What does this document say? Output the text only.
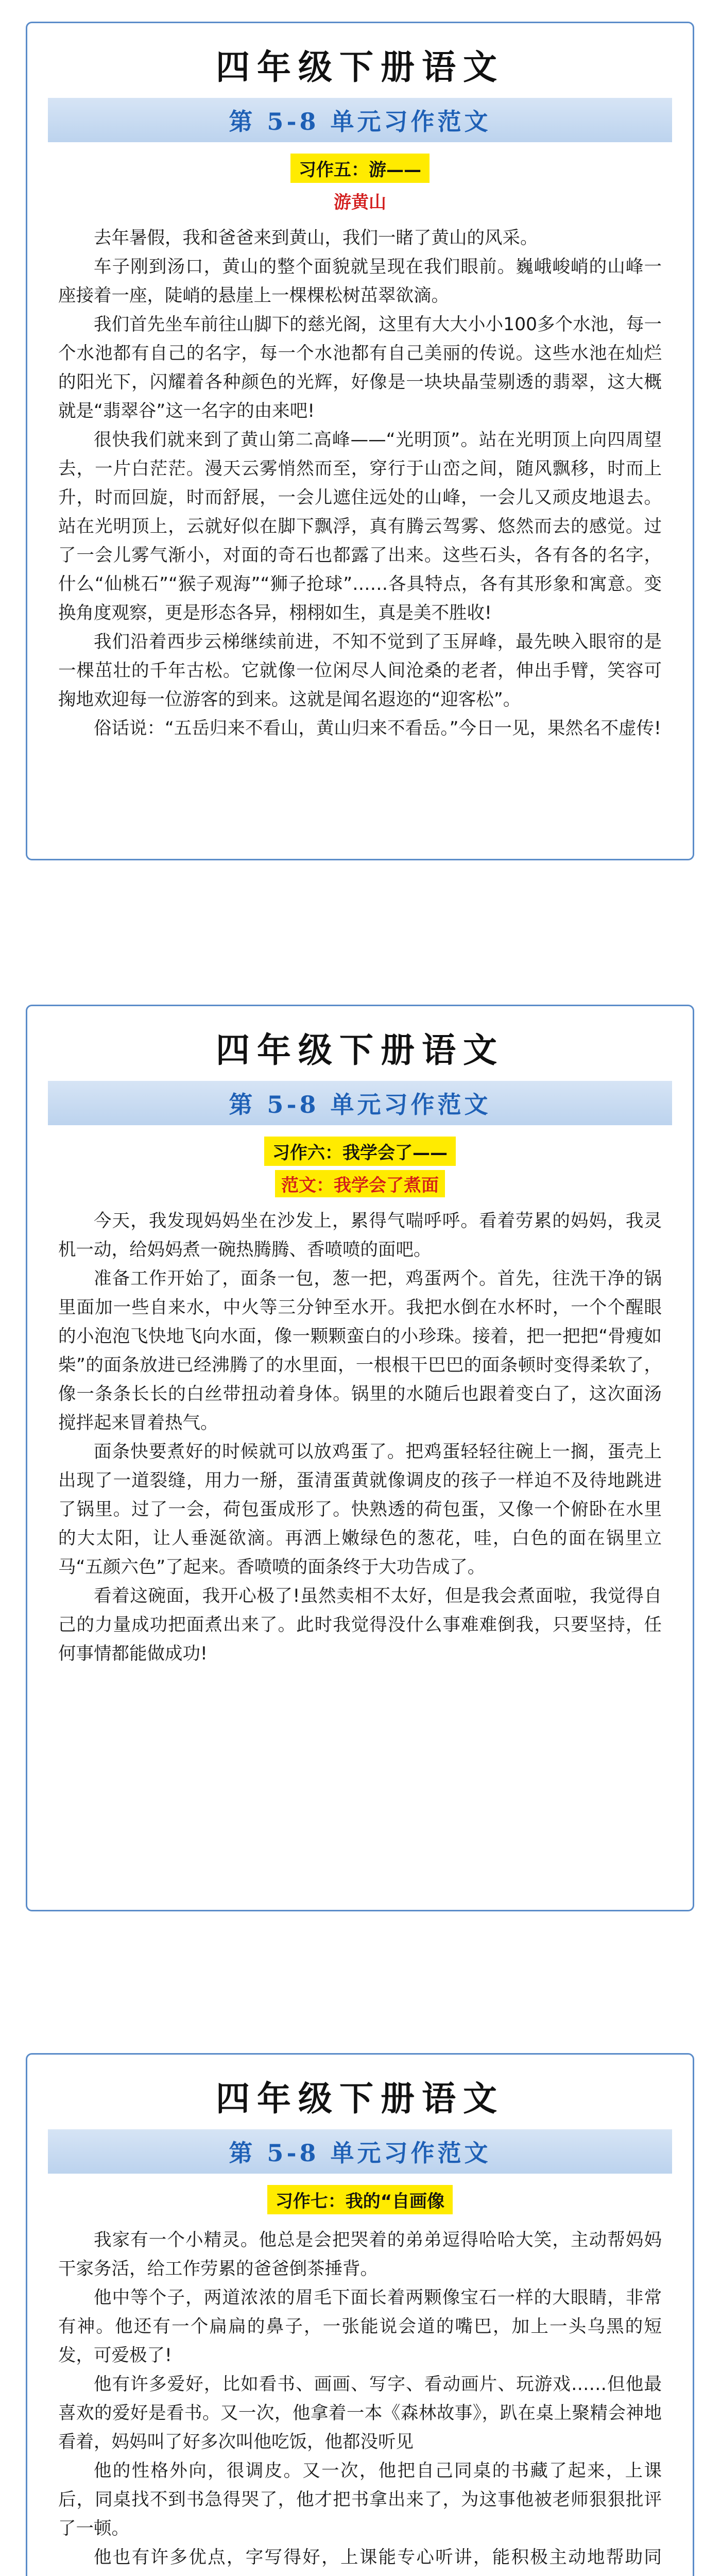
四年级下册语文
第 5-8 单元习作范文
习作五：游——
游黄山

去年暑假，我和爸爸来到黄山，我们一睹了黄山的风采。

车子刚到汤口，黄山的整个面貌就呈现在我们眼前。巍峨峻峭的山峰一座接着一座，陡峭的悬崖上一棵棵松树茁翠欲滴。

我们首先坐车前往山脚下的慈光阁，这里有大大小小100多个水池，每一个水池都有自己的名字，每一个水池都有自己美丽的传说。这些水池在灿烂的阳光下，闪耀着各种颜色的光辉，好像是一块块晶莹剔透的翡翠，这大概就是“翡翠谷”这一名字的由来吧!

很快我们就来到了黄山第二高峰——“光明顶”。站在光明顶上向四周望去，一片白茫茫。漫天云雾悄然而至，穿行于山峦之间，随风飘移，时而上升，时而回旋，时而舒展，一会儿遮住远处的山峰，一会儿又顽皮地退去。站在光明顶上，云就好似在脚下飘浮，真有腾云驾雾、悠然而去的感觉。过了一会儿雾气渐小，对面的奇石也都露了出来。这些石头，各有各的名字，什么“仙桃石”“猴子观海”“狮子抢球”……各具特点，各有其形象和寓意。变换角度观察，更是形态各异，栩栩如生，真是美不胜收!

我们沿着西步云梯继续前进，不知不觉到了玉屏峰，最先映入眼帘的是一棵茁壮的千年古松。它就像一位闲尽人间沧桑的老者，伸出手臂，笑容可掬地欢迎每一位游客的到来。这就是闻名遐迩的“迎客松”。

俗话说：“五岳归来不看山，黄山归来不看岳。”今日一见，果然名不虚传!

四年级下册语文
第 5-8 单元习作范文
习作六：我学会了——
范文：我学会了煮面

今天，我发现妈妈坐在沙发上，累得气喘呼呼。看着劳累的妈妈，我灵机一动，给妈妈煮一碗热腾腾、香喷喷的面吧。

准备工作开始了，面条一包，葱一把，鸡蛋两个。首先，往洗干净的锅里面加一些自来水，中火等三分钟至水开。我把水倒在水杯时，一个个醒眼的小泡泡飞快地飞向水面，像一颗颗蛮白的小珍珠。接着，把一把把“骨瘦如柴”的面条放进已经沸腾了的水里面，一根根干巴巴的面条顿时变得柔软了，像一条条长长的白丝带扭动着身体。锅里的水随后也跟着变白了，这次面汤搅拌起来冒着热气。

面条快要煮好的时候就可以放鸡蛋了。把鸡蛋轻轻往碗上一搁，蛋壳上出现了一道裂缝，用力一掰，蛋清蛋黄就像调皮的孩子一样迫不及待地跳进了锅里。过了一会，荷包蛋成形了。快熟透的荷包蛋，又像一个俯卧在水里的大太阳，让人垂涎欲滴。再洒上嫩绿色的葱花，哇，白色的面在锅里立马“五颜六色”了起来。香喷喷的面条终于大功告成了。

看着这碗面，我开心极了!虽然卖相不太好，但是我会煮面啦，我觉得自己的力量成功把面煮出来了。此时我觉得没什么事难难倒我，只要坚持，任何事情都能做成功!

四年级下册语文
第 5-8 单元习作范文
习作七：我的“自画像

我家有一个小精灵。他总是会把哭着的弟弟逗得哈哈大笑，主动帮妈妈干家务活，给工作劳累的爸爸倒茶捶背。

他中等个子，两道浓浓的眉毛下面长着两颗像宝石一样的大眼睛，非常有神。他还有一个扁扁的鼻子，一张能说会道的嘴巴，加上一头乌黑的短发，可爱极了!

他有许多爱好，比如看书、画画、写字、看动画片、玩游戏……但他最喜欢的爱好是看书。又一次，他拿着一本《森林故事》，趴在桌上聚精会神地看着，妈妈叫了好多次叫他吃饭，他都没听见

他的性格外向，很调皮。又一次，他把自己同桌的书藏了起来，上课后，同桌找不到书急得哭了，他才把书拿出来了，为这事他被老师狠狠批评了一顿。

他也有许多优点，字写得好，上课能专心听讲，能积极主动地帮助同
